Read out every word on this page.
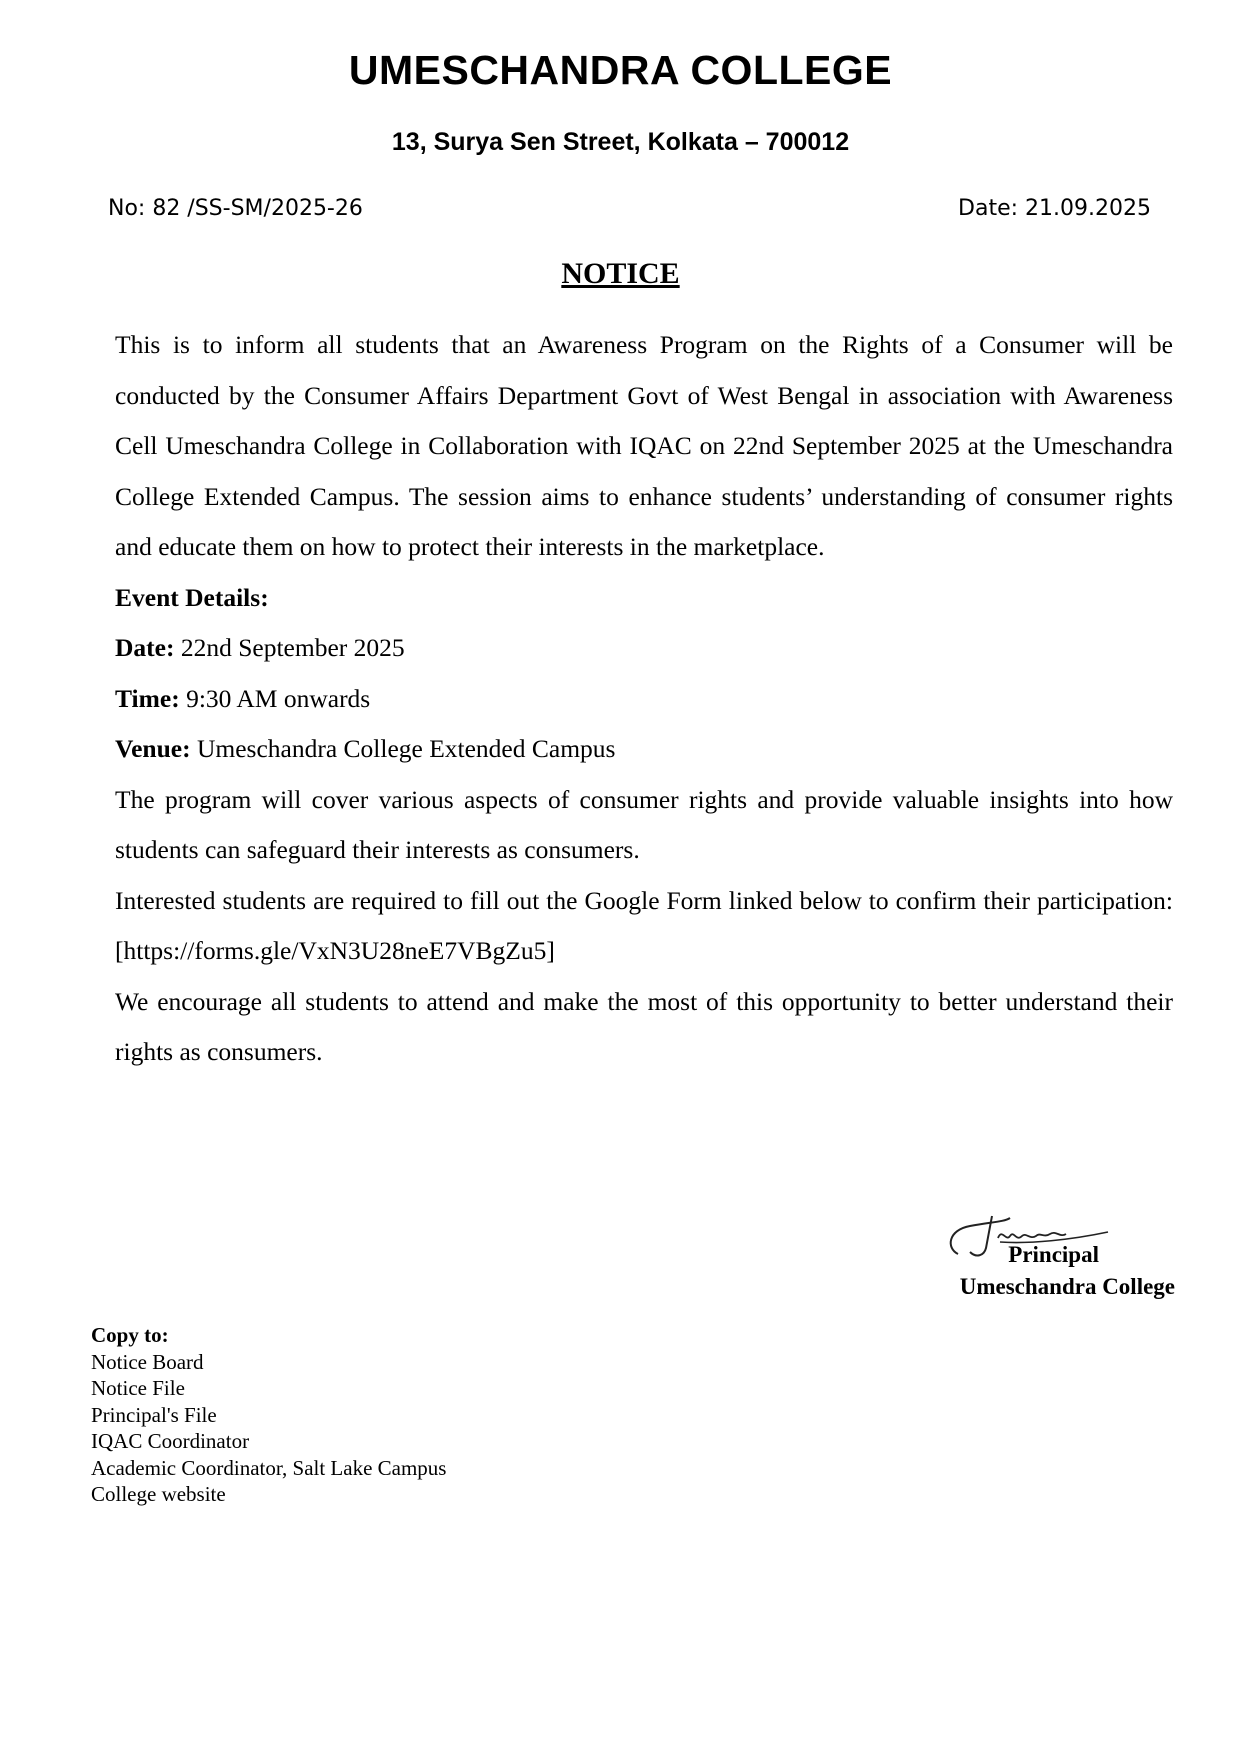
UMESCHANDRA COLLEGE
13, Surya Sen Street, Kolkata – 700012
No: 82 /SS-SM/2025-26	Date: 21.09.2025
NOTICE

This is to inform all students that an Awareness Program on the Rights of a Consumer will be conducted by the Consumer Affairs Department Govt of West Bengal in association with Awareness Cell Umeschandra College in Collaboration with IQAC on 22nd September 2025 at the Umeschandra College Extended Campus. The session aims to enhance students’ understanding of consumer rights and educate them on how to protect their interests in the marketplace.

Event Details:

Date: 22nd September 2025

Time: 9:30 AM onwards

Venue: Umeschandra College Extended Campus

The program will cover various aspects of consumer rights and provide valuable insights into how students can safeguard their interests as consumers.

Interested students are required to fill out the Google Form linked below to confirm their participation: [https://forms.gle/VxN3U28neE7VBgZu5]

We encourage all students to attend and make the most of this opportunity to better understand their rights as consumers.

Principal
Umeschandra College
Copy to:
Notice Board
Notice File
Principal's File
IQAC Coordinator
Academic Coordinator, Salt Lake Campus
College website
